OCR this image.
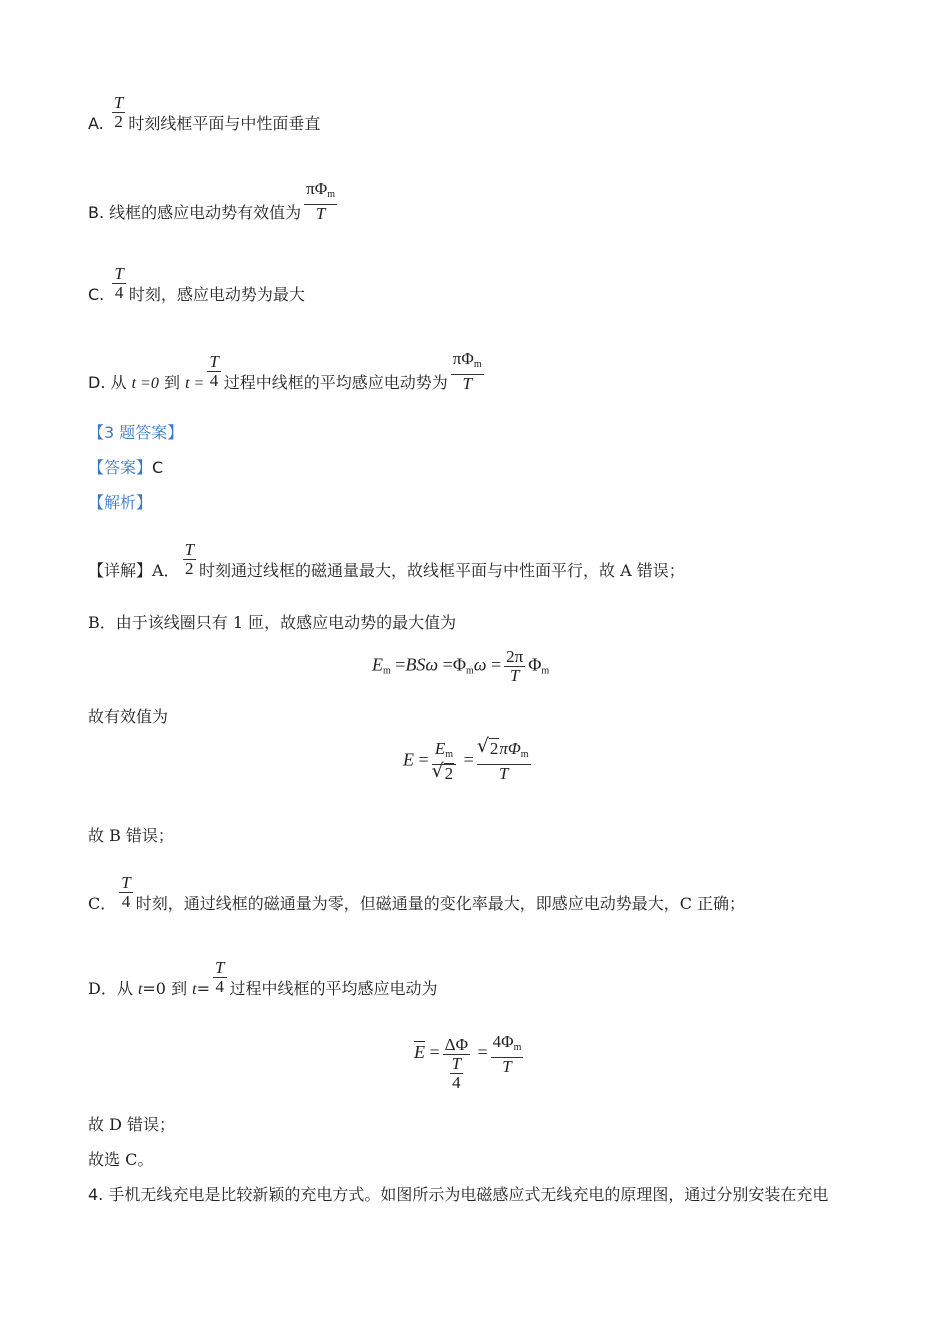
A. $\frac{T}{2}$ 时刻线框平面与中性面垂直
B. 线框的感应电动势有效值为 $\frac{\pi\Phi_m}{T}$
C. $\frac{T}{4}$ 时刻，感应电动势为最大
D. 从 t =0 到 $t = \frac{T}{4}$ 过程中线框的平均感应电动势为 $\frac{\pi\Phi_m}{T}$
【3 题答案】
【答案】C
【解析】
【详解】A． $\frac{T}{2}$ 时刻通过线框的磁通量最大，故线框平面与中性面平行，故 A 错误；
B．由于该线圈只有 1 匝，故感应电动势的最大值为
$E_m =BS\omega =\Phi_m\omega = \frac{2\pi}{T} \Phi_m$
故有效值为
$E = E_m$
√ 2 = √ $\frac{2\pi\Phi_m}{T}$
故 B 错误；
C． $\frac{T}{4}$ 时刻，通过线框的磁通量为零，但磁通量的变化率最大，即感应电动势最大，C 正确；
D．从 t=0 到 $t= \frac{T}{4}$ 过程中线框的平均感应电动为
$\overline{E} = \frac{\Delta\Phi}{\frac{T}{4}} = \frac{4\Phi_m}{T}$
故 D 错误；
故选 C。
4. 手机无线充电是比较新颖的充电方式。如图所示为电磁感应式无线充电的原理图，通过分别安装在充电
